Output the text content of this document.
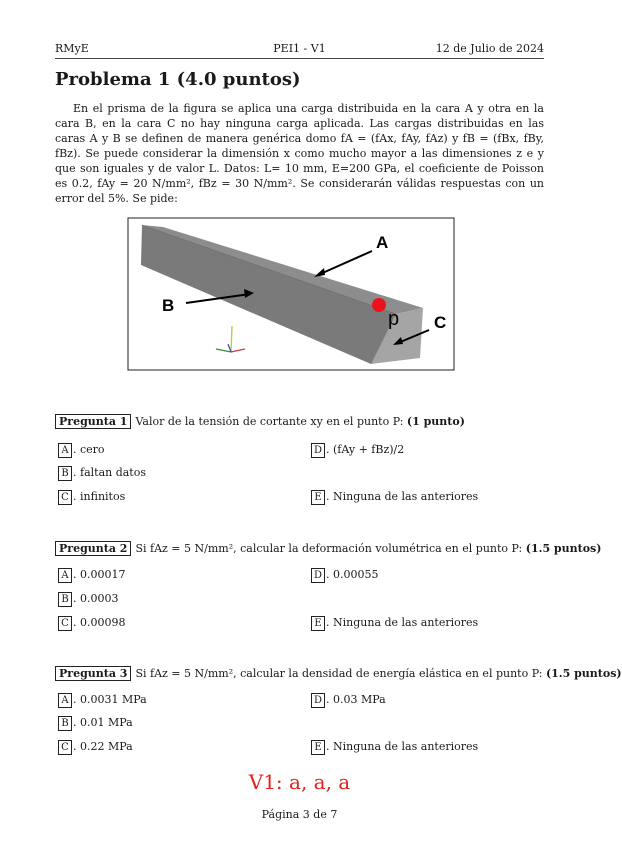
RMyE	PEI1 - V1	12 de Julio de 2024
Problema 1 (4.0 puntos)

En el prisma de la figura se aplica una carga distribuida en la cara A y otra en la cara B, en la cara C no hay ninguna carga aplicada. Las cargas distribuidas en las caras A y B se definen de manera genérica domo fA = (fAx, fAy, fAz) y fB = (fBx, fBy, fBz). Se puede considerar la dimensión x como mucho mayor a las dimensiones z e y que son iguales y de valor L. Datos: L= 10 mm, E=200 GPa, el coeficiente de Poisson es 0.2, fAy = 20 N/mm², fBz = 30 N/mm². Se considerarán válidas respuestas con un error del 5%. Se pide:

A
B
C
p
Pregunta 1 Valor de la tensión de cortante xy en el punto P: (1 punto)
A . cero
B . faltan datos
C . infinitos
D . (fAy + fBz)/2
E . Ninguna de las anteriores
Pregunta 2 Si fAz = 5 N/mm², calcular la deformación volumétrica en el punto P: (1.5 puntos)
A . 0.00017
B . 0.0003
C . 0.00098
D . 0.00055
E . Ninguna de las anteriores
Pregunta 3 Si fAz = 5 N/mm², calcular la densidad de energía elástica en el punto P: (1.5 puntos)
A . 0.0031 MPa
B . 0.01 MPa
C . 0.22 MPa
D . 0.03 MPa
E . Ninguna de las anteriores
V1: a, a, a
Página 3 de 7
